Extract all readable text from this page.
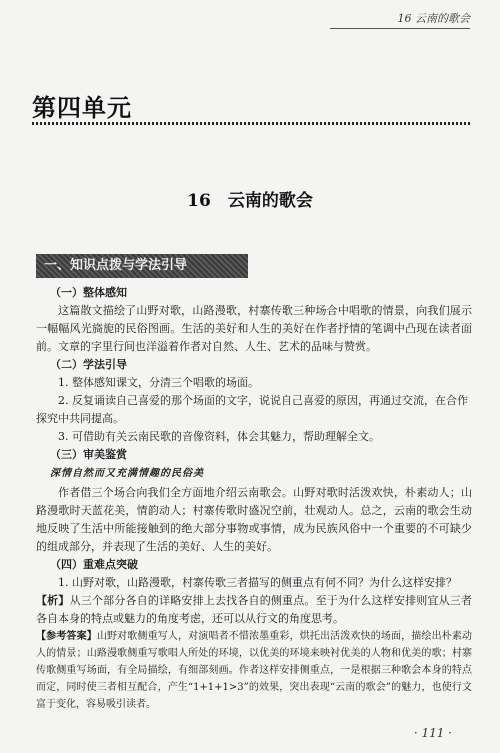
16 云南的歌会
第四单元
16　云南的歌会
一、知识点拨与学法引导

（一）整体感知

这篇散文描绘了山野对歌，山路漫歌，村寨传歌三种场合中唱歌的情景，向我们展示一幅幅风光旖旎的民俗图画。生活的美好和人生的美好在作者抒情的笔调中凸现在读者面前。文章的字里行间也洋溢着作者对自然、人生、艺术的品味与赞赏。

（二）学法引导

1. 整体感知课文，分清三个唱歌的场面。

2. 反复诵读自己喜爱的那个场面的文字，说说自己喜爱的原因，再通过交流，在合作探究中共同提高。

3. 可借助有关云南民歌的音像资料，体会其魅力，帮助理解全文。

（三）审美鉴赏

深情自然而又充满情趣的民俗美

作者借三个场合向我们全方面地介绍云南歌会。山野对歌时活泼欢快，朴素动人；山路漫歌时天蓝花美，情韵动人；村寨传歌时盛况空前，壮观动人。总之，云南的歌会生动地反映了生活中所能接触到的绝大部分事物或事情，成为民族风俗中一个重要的不可缺少的组成部分，并表现了生活的美好、人生的美好。

（四）重难点突破

1. 山野对歌，山路漫歌，村寨传歌三者描写的侧重点有何不同？为什么这样安排？

【析】从三个部分各自的详略安排上去找各自的侧重点。至于为什么这样安排则宜从三者各自本身的特点或魅力的角度考虑，还可以从行文的角度思考。

【参考答案】山野对歌侧重写人，对演唱者不惜浓墨重彩，烘托出活泼欢快的场面，描绘出朴素动人的情景；山路漫歌侧重写歌唱人所处的环境，以优美的环境来映衬优美的人物和优美的歌；村寨传歌侧重写场面，有全局描绘，有细部刻画。作者这样安排侧重点，一是根据三种歌会本身的特点而定，同时使三者相互配合，产生“1+1+1>3”的效果，突出表现“云南的歌会”的魅力，也使行文富于变化，容易吸引读者。

· 111 ·
